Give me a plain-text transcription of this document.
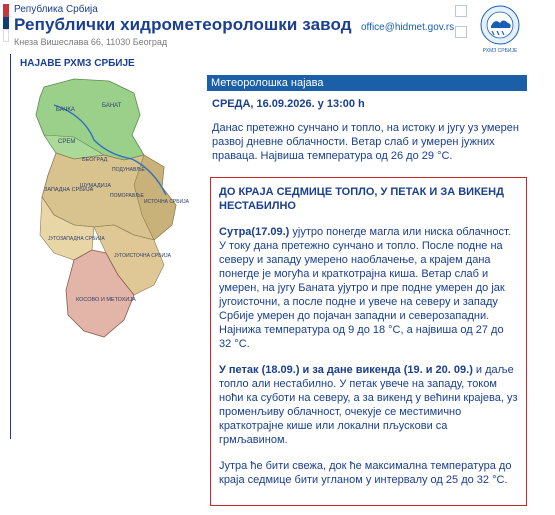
Република Србија
Републички хидрометеоролошки завод
Кнеза Вишеслава 66, 11030 Београд
office@hidmet.gov.rs
РХМЗ СРБИЈЕ
НАЈАВЕ РХМЗ СРБИЈЕ
БАЧКА
БАНАТ
СРЕМ
БЕОГРАД
ПОДУНАВЉЕ
ПОМОРАВЉЕ
ИСТОЧНА СРБИЈА
ШУМАДИЈА
ЗАПАДНА СРБИЈА
ЈУГОЗАПАДНА СРБИЈА
ЈУГОИСТОЧНА СРБИЈА
КОСОВО И МЕТОХИЈА
Метеоролошка најава
СРЕДА, 16.09.2026. у 13:00 h
Данас претежно сунчано и топло, на истоку и југу уз умерен развој дневне облачности. Ветар слаб и умерен јужних праваца. Највиша температура од 26 до 29 °C.

ДО КРАЈА СЕДМИЦЕ ТОПЛО, У ПЕТАК И ЗА ВИКЕНД НЕСТАБИЛНО

Сутра(17.09.) ујутро понегде магла или ниска облачност. У току дана претежно сунчано и топло. После подне на северу и западу умерено наоблачење, а крајем дана понегде је могућа и краткотрајна киша. Ветар слаб и умерен, на југу Баната ујутро и пре подне умерен до јак југоисточни, а после подне и увече на северу и западу Србије умерен до појачан западни и северозападни. Најнижа температура од 9 до 18 °C, а највиша од 27 до 32 °C.

У петак (18.09.) и за дане викенда (19. и 20. 09.) и даље топло али нестабилно. У петак увече на западу, током ноћи ка суботи на северу, а за викенд у већини крајева, уз променљиву облачност, очекује се местимично краткотрајне кише или локални пљускови са грмљавином.

Јутра ће бити свежа, док ће максимална температура до краја седмице бити угланом у интервалу од 25 до 32 °C.
